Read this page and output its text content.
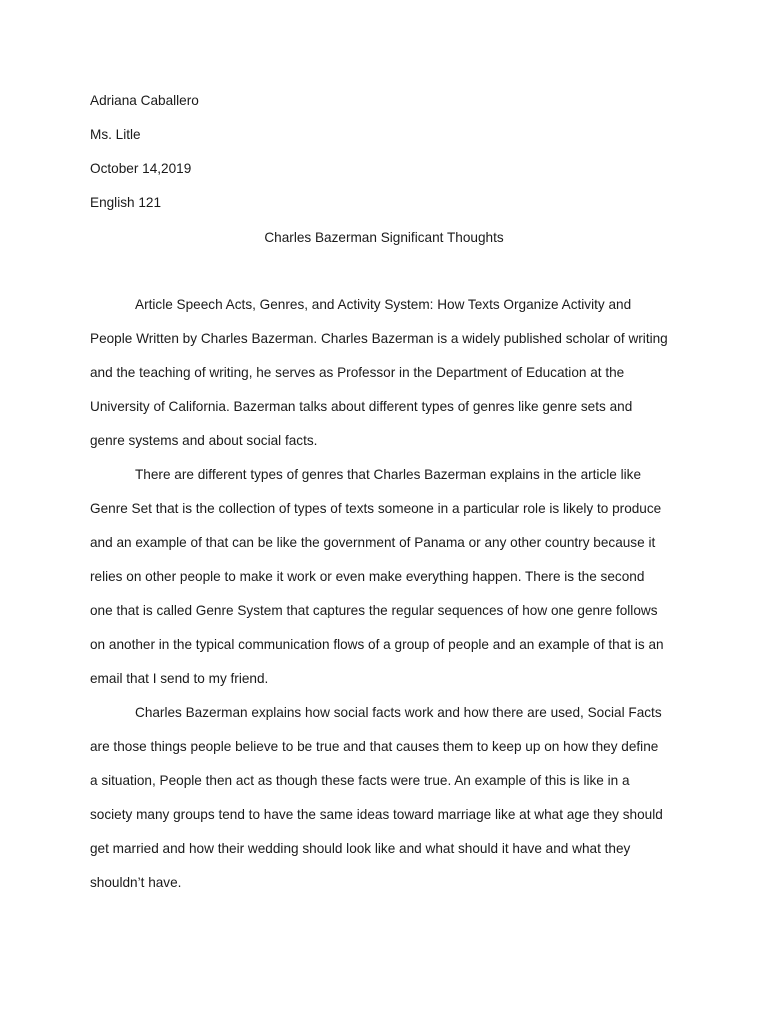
Adriana Caballero

Ms. Litle

October 14,2019

English 121

Charles Bazerman Significant Thoughts

Article Speech Acts, Genres, and Activity System: How Texts Organize Activity and

People Written by Charles Bazerman. Charles Bazerman is a widely published scholar of writing

and the teaching of writing, he serves as Professor in the Department of Education at the

University of California. Bazerman talks about different types of genres like genre sets and

genre systems and about social facts.

There are different types of genres that Charles Bazerman explains in the article like

Genre Set that is the collection of types of texts someone in a particular role is likely to produce

and an example of that can be like the government of Panama or any other country because it

relies on other people to make it work or even make everything happen. There is the second

one that is called Genre System that captures the regular sequences of how one genre follows

on another in the typical communication flows of a group of people and an example of that is an

email that I send to my friend.

Charles Bazerman explains how social facts work and how there are used, Social Facts

are those things people believe to be true and that causes them to keep up on how they define

a situation, People then act as though these facts were true. An example of this is like in a

society many groups tend to have the same ideas toward marriage like at what age they should

get married and how their wedding should look like and what should it have and what they

shouldn’t have.
